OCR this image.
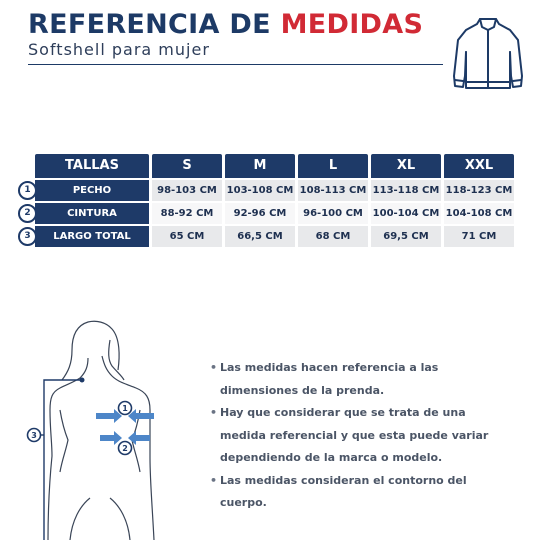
REFERENCIA DE MEDIDAS
Softshell para mujer
TALLAS	S	M	L	XL	XXL
PECHO	98-103 CM 103-108 CM 108-113 CM 113-118 CM 118-123 CM
1
CINTURA	88-92 CM	92-96 CM	96-100 CM 100-104 CM 104-108 CM
2
LARGO TOTAL	65 CM	66,5 CM	68 CM	69,5 CM	71 CM
3
1
2
3
• Las medidas hacen referencia a las dimensiones de la prenda.
• Hay que considerar que se trata de una medida referencial y que esta puede variar dependiendo de la marca o modelo.
• Las medidas consideran el contorno del cuerpo.
